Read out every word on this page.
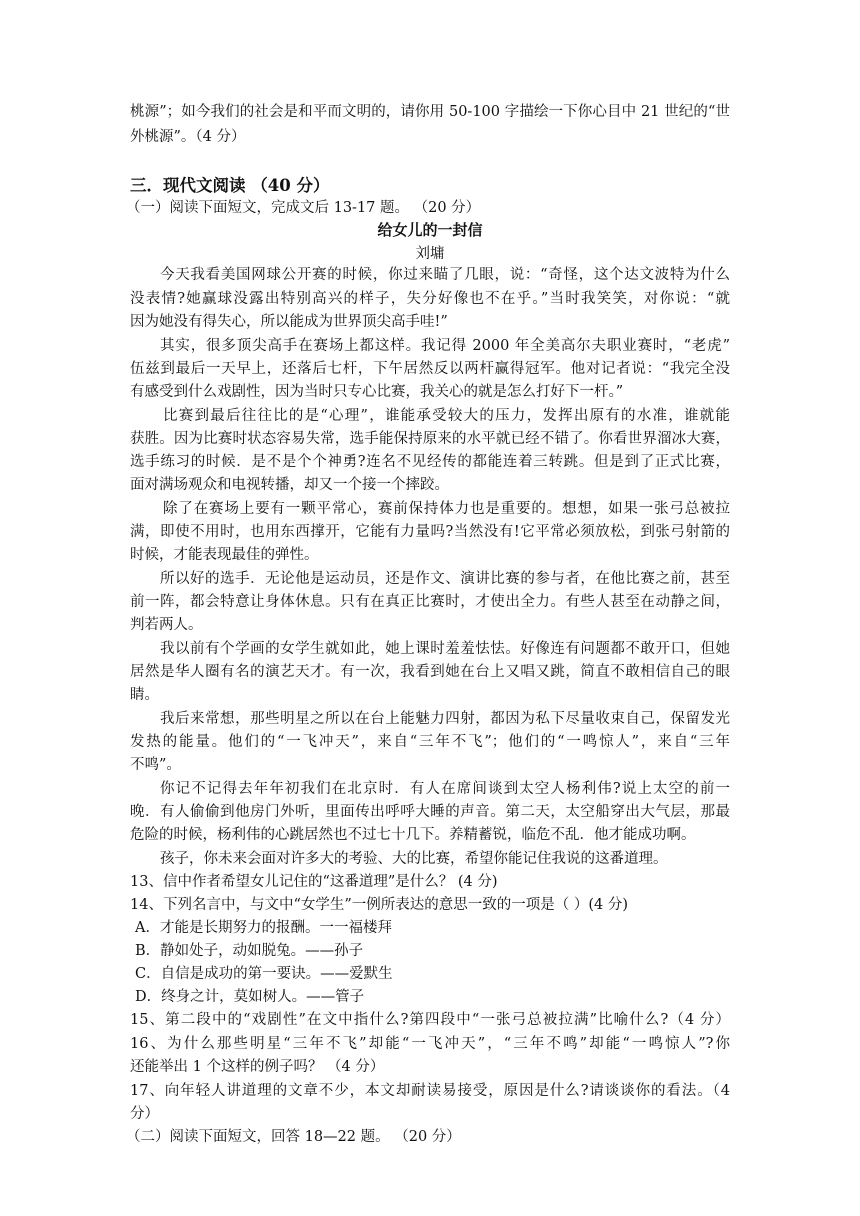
桃源”；如今我们的社会是和平而文明的，请你用 50-100 字描绘一下你心目中 21 世纪的“世
外桃源”。（4 分）
三．现代文阅读 （40 分）
（一）阅读下面短文，完成文后 13-17 题。 （20 分）
给女儿的一封信
刘墉
今天我看美国网球公开赛的时候，你过来瞄了几眼，说：“奇怪，这个达文波特为什么
没表情?她赢球没露出特别高兴的样子，失分好像也不在乎。”当时我笑笑，对你说：“就
因为她没有得失心，所以能成为世界顶尖高手哇!”
其实，很多顶尖高手在赛场上都这样。我记得 2000 年全美高尔夫职业赛时，“老虎”
伍兹到最后一天早上，还落后七杆，下午居然反以两杆赢得冠军。他对记者说：“我完全没
有感受到什么戏剧性，因为当时只专心比赛，我关心的就是怎么打好下一杆。”
比赛到最后往往比的是“心理”，谁能承受较大的压力，发挥出原有的水准，谁就能
获胜。因为比赛时状态容易失常，选手能保持原来的水平就已经不错了。你看世界溜冰大赛，
选手练习的时候．是不是个个神勇?连名不见经传的都能连着三转跳。但是到了正式比赛，
面对满场观众和电视转播，却又一个接一个摔跤。
除了在赛场上要有一颗平常心，赛前保持体力也是重要的。想想，如果一张弓总被拉
满，即使不用时，也用东西撑开，它能有力量吗?当然没有!它平常必须放松，到张弓射箭的
时候，才能表现最佳的弹性。
所以好的选手．无论他是运动员，还是作文、演讲比赛的参与者，在他比赛之前，甚至
前一阵，都会特意让身体休息。只有在真正比赛时，才使出全力。有些人甚至在动静之间，
判若两人。
我以前有个学画的女学生就如此，她上课时羞羞怯怯。好像连有问题都不敢开口，但她
居然是华人圈有名的演艺天才。有一次，我看到她在台上又唱又跳，简直不敢相信自己的眼
睛。
我后来常想，那些明星之所以在台上能魅力四射，都因为私下尽量收束自己，保留发光
发热的能量。他们的“一飞冲天”，来自“三年不飞”；他们的“一鸣惊人”，来自“三年
不鸣”。
你记不记得去年年初我们在北京时．有人在席间谈到太空人杨利伟?说上太空的前一
晚．有人偷偷到他房门外听，里面传出呼呼大睡的声音。第二天，太空船穿出大气层，那最
危险的时候，杨利伟的心跳居然也不过七十几下。养精蓄锐，临危不乱．他才能成功啊。
孩子，你未来会面对许多大的考验、大的比赛，希望你能记住我说的这番道理。
13、信中作者希望女儿记住的“这番道理”是什么？ (4 分)
14、下列名言中，与文中“女学生”一例所表达的意思一致的一项是（ ）(4 分)
A．才能是长期努力的报酬。一一福楼拜
B．静如处子，动如脱兔。——孙子
C．自信是成功的第一要诀。——爱默生
D．终身之计，莫如树人。——管子
15、第二段中的“戏剧性”在文中指什么?第四段中“一张弓总被拉满”比喻什么?（4 分）
16、为什么那些明星“三年不飞”却能“一飞冲天”，“三年不鸣”却能“一鸣惊人”?你
还能举出 1 个这样的例子吗？ （4 分）
17、向年轻人讲道理的文章不少，本文却耐读易接受，原因是什么?请谈谈你的看法。（4
分）
（二）阅读下面短文，回答 18—22 题。 （20 分）
